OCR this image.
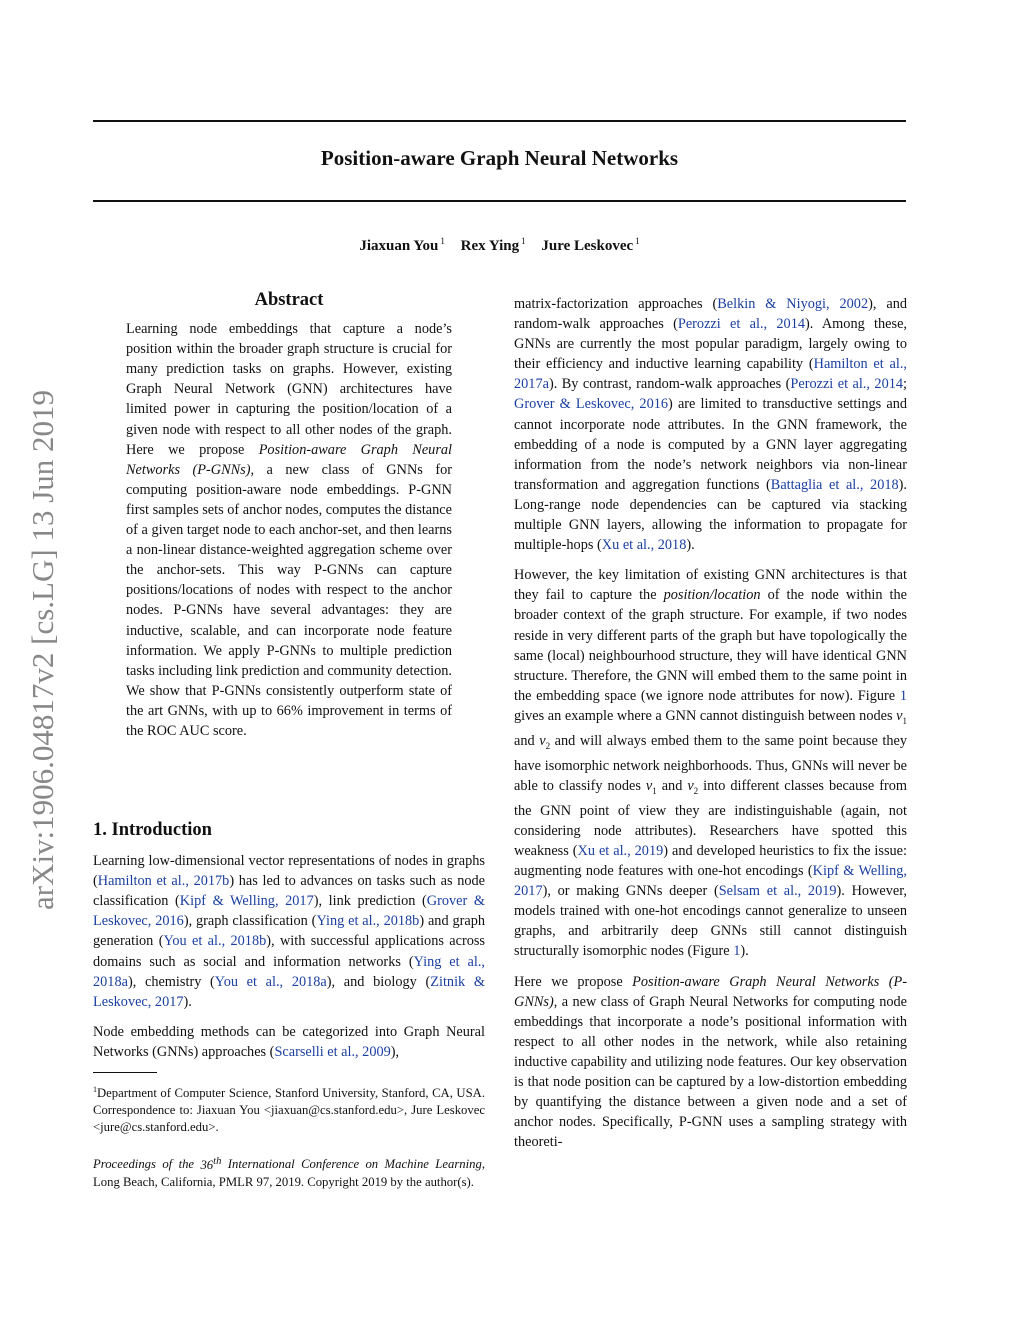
arXiv:1906.04817v2 [cs.LG] 13 Jun 2019
Position-aware Graph Neural Networks
Jiaxuan You $^1$ Rex Ying $^1$ Jure Leskovec $^1$
Abstract

Learning node embeddings that capture a node’s position within the broader graph structure is crucial for many prediction tasks on graphs. However, existing Graph Neural Network (GNN) architectures have limited power in capturing the position/location of a given node with respect to all other nodes of the graph. Here we propose Position-aware Graph Neural Networks (P-GNNs), a new class of GNNs for computing position-aware node embeddings. P-GNN first samples sets of anchor nodes, computes the distance of a given target node to each anchor-set, and then learns a non-linear distance-weighted aggregation scheme over the anchor-sets. This way P-GNNs can capture positions/locations of nodes with respect to the anchor nodes. P-GNNs have several advantages: they are inductive, scalable, and can incorporate node feature information. We apply P-GNNs to multiple prediction tasks including link prediction and community detection. We show that P-GNNs consistently outperform state of the art GNNs, with up to 66% improvement in terms of the ROC AUC score.

1. Introduction

Learning low-dimensional vector representations of nodes in graphs (Hamilton et al., 2017b) has led to advances on tasks such as node classification (Kipf & Welling, 2017), link prediction (Grover & Leskovec, 2016), graph classification (Ying et al., 2018b) and graph generation (You et al., 2018b), with successful applications across domains such as social and information networks (Ying et al., 2018a), chemistry (You et al., 2018a), and biology (Zitnik & Leskovec, 2017).

Node embedding methods can be categorized into Graph Neural Networks (GNNs) approaches (Scarselli et al., 2009),

$^1$Department of Computer Science, Stanford University, Stanford, CA, USA. Correspondence to: Jiaxuan You <jiaxuan@cs.stanford.edu>, Jure Leskovec <jure@cs.stanford.edu>.
Proceedings of the 36th International Conference on Machine Learning, Long Beach, California, PMLR 97, 2019. Copyright 2019 by the author(s).

matrix-factorization approaches (Belkin & Niyogi, 2002), and random-walk approaches (Perozzi et al., 2014). Among these, GNNs are currently the most popular paradigm, largely owing to their efficiency and inductive learning capability (Hamilton et al., 2017a). By contrast, random-walk approaches (Perozzi et al., 2014; Grover & Leskovec, 2016) are limited to transductive settings and cannot incorporate node attributes. In the GNN framework, the embedding of a node is computed by a GNN layer aggregating information from the node’s network neighbors via non-linear transformation and aggregation functions (Battaglia et al., 2018). Long-range node dependencies can be captured via stacking multiple GNN layers, allowing the information to propagate for multiple-hops (Xu et al., 2018).

However, the key limitation of existing GNN architectures is that they fail to capture the position/location of the node within the broader context of the graph structure. For example, if two nodes reside in very different parts of the graph but have topologically the same (local) neighbourhood structure, they will have identical GNN structure. Therefore, the GNN will embed them to the same point in the embedding space (we ignore node attributes for now). Figure 1 gives an example where a GNN cannot distinguish between nodes $v_1$ and $v_2$ and will always embed them to the same point because they have isomorphic network neighborhoods. Thus, GNNs will never be able to classify nodes $v_1$ and $v_2$ into different classes because from the GNN point of view they are indistinguishable (again, not considering node attributes). Researchers have spotted this weakness (Xu et al., 2019) and developed heuristics to fix the issue: augmenting node features with one-hot encodings (Kipf & Welling, 2017), or making GNNs deeper (Selsam et al., 2019). However, models trained with one-hot encodings cannot generalize to unseen graphs, and arbitrarily deep GNNs still cannot distinguish structurally isomorphic nodes (Figure 1).

Here we propose Position-aware Graph Neural Networks (P-GNNs), a new class of Graph Neural Networks for computing node embeddings that incorporate a node’s positional information with respect to all other nodes in the network, while also retaining inductive capability and utilizing node features. Our key observation is that node position can be captured by a low-distortion embedding by quantifying the distance between a given node and a set of anchor nodes. Specifically, P-GNN uses a sampling strategy with theoreti-
